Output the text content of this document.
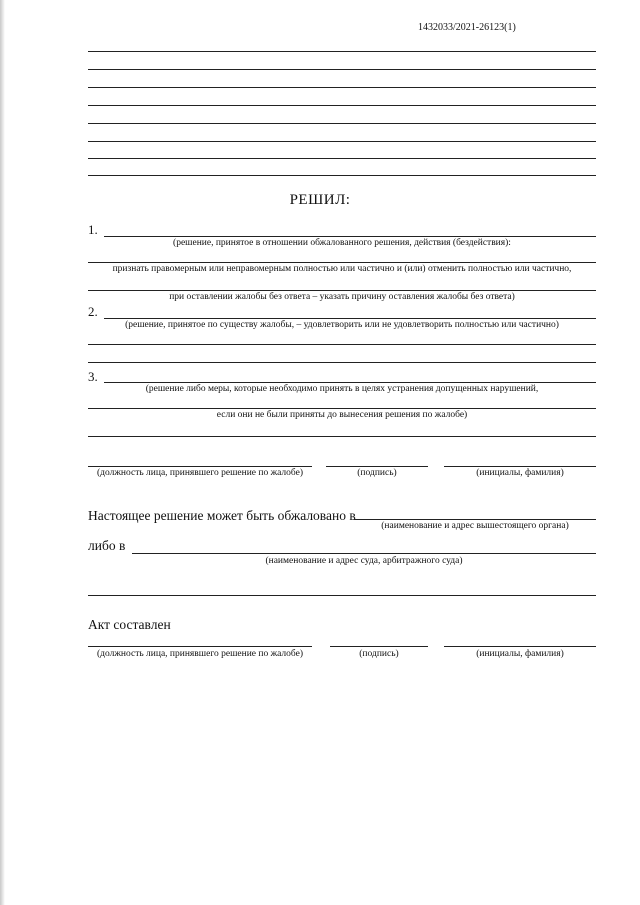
1432033/2021-26123(1)
РЕШИЛ:
1.
(решение, принятое в отношении обжалованного решения, действия (бездействия):
признать правомерным или неправомерным полностью или частично и (или) отменить полностью или частично,
при оставлении жалобы без ответа – указать причину оставления жалобы без ответа)
2.
(решение, принятое по существу жалобы, – удовлетворить или не удовлетворить полностью или частично)
3.
(решение либо меры, которые необходимо принять в целях устранения допущенных нарушений,
если они не были приняты до вынесения решения по жалобе)
(должность лица, принявшего решение по жалобе)	(подпись)	(инициалы, фамилия)
Настоящее решение может быть обжаловано в
(наименование и адрес вышестоящего органа)
либо в
(наименование и адрес суда, арбитражного суда)
Акт составлен
(должность лица, принявшего решение по жалобе)	(подпись)	(инициалы, фамилия)
